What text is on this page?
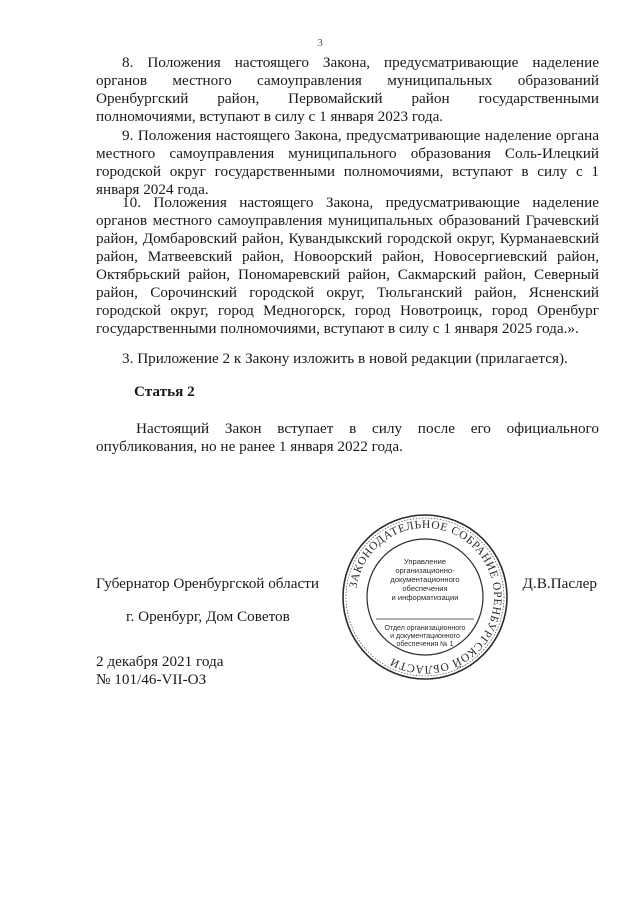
3
8. Положения настоящего Закона, предусматривающие наделение органов местного самоуправления муниципальных образований Оренбургский район, Первомайский район государственными полномочиями, вступают в силу с 1 января 2023 года.
9. Положения настоящего Закона, предусматривающие наделение органа местного самоуправления муниципального образования Соль-Илецкий городской округ государственными полномочиями, вступают в силу с 1 января 2024 года.
10. Положения настоящего Закона, предусматривающие наделение органов местного самоуправления муниципальных образований Грачевский район, Домбаровский район, Кувандыкский городской округ, Курманаевский район, Матвеевский район, Новоорский район, Новосергиевский район, Октябрьский район, Пономаревский район, Сакмарский район, Северный район, Сорочинский городской округ, Тюльганский район, Ясненский городской округ, город Медногорск, город Новотроицк, город Оренбург государственными полномочиями, вступают в силу с 1 января 2025 года.».
3. Приложение 2 к Закону изложить в новой редакции (прилагается).
Статья 2
Настоящий Закон вступает в силу после его официального опубликования, но не ранее 1 января 2022 года.
Губернатор Оренбургской области	Д.В.Паслер
г. Оренбург, Дом Советов
2 декабря 2021 года
№ 101/46-VII-ОЗ
ЗАКОНОДАТЕЛЬНОЕ СОБРАНИЕ ОРЕНБУРГСКОЙ ОБЛАСТИ
Управление
организационно-
документационного
обеспечения
и информатизации
Отдел организационного
и документационного
обеспечения № 1
